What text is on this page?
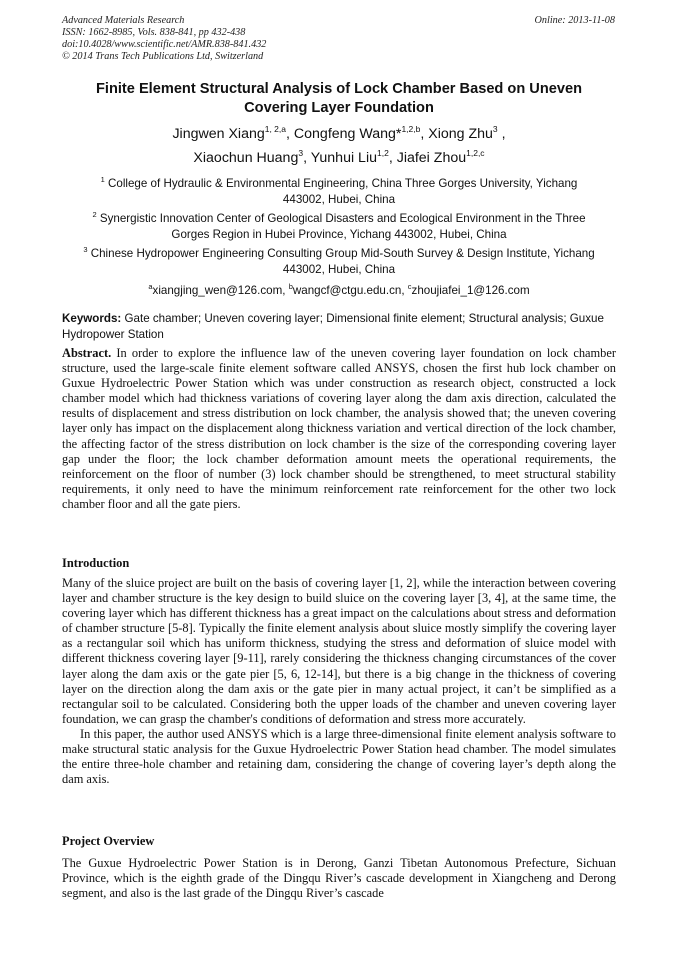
Advanced Materials Research
ISSN: 1662-8985, Vols. 838-841, pp 432-438
doi:10.4028/www.scientific.net/AMR.838-841.432
© 2014 Trans Tech Publications Ltd, Switzerland
Online: 2013-11-08
Finite Element Structural Analysis of Lock Chamber Based on Uneven
Covering Layer Foundation
Jingwen Xiang$^{1, 2,a}$, Congfeng Wang*$^{1,2,b}$, Xiong Zhu$^3$ ,
Xiaochun Huang$^3$, Yunhui Liu$^{1,2}$, Jiafei Zhou$^{1,2,c}$
$^1$ College of Hydraulic & Environmental Engineering, China Three Gorges University, Yichang
443002, Hubei, China
$^2$ Synergistic Innovation Center of Geological Disasters and Ecological Environment in the Three
Gorges Region in Hubei Province, Yichang 443002, Hubei, China
$^3$ Chinese Hydropower Engineering Consulting Group Mid-South Survey & Design Institute, Yichang
443002, Hubei, China
$^a$xiangjing_wen@126.com, $^b$wangcf@ctgu.edu.cn, $^c$zhoujiafei_1@126.com
Keywords: Gate chamber; Uneven covering layer; Dimensional finite element; Structural analysis; Guxue Hydropower Station
Abstract. In order to explore the influence law of the uneven covering layer foundation on lock chamber structure, used the large-scale finite element software called ANSYS, chosen the first hub lock chamber on Guxue Hydroelectric Power Station which was under construction as research object, constructed a lock chamber model which had thickness variations of covering layer along the dam axis direction, calculated the results of displacement and stress distribution on lock chamber, the analysis showed that; the uneven covering layer only has impact on the displacement along thickness variation and vertical direction of the lock chamber, the affecting factor of the stress distribution on lock chamber is the size of the corresponding covering layer gap under the floor; the lock chamber deformation amount meets the operational requirements, the reinforcement on the floor of number (3) lock chamber should be strengthened, to meet structural stability requirements, it only need to have the minimum reinforcement rate reinforcement for the other two lock chamber floor and all the gate piers.
Introduction
Many of the sluice project are built on the basis of covering layer [1, 2], while the interaction between covering layer and chamber structure is the key design to build sluice on the covering layer [3, 4], at the same time, the covering layer which has different thickness has a great impact on the calculations about stress and deformation of chamber structure [5-8]. Typically the finite element analysis about sluice mostly simplify the covering layer as a rectangular soil which has uniform thickness, studying the stress and deformation of sluice model with different thickness covering layer [9-11], rarely considering the thickness changing circumstances of the cover layer along the dam axis or the gate pier [5, 6, 12-14], but there is a big change in the thickness of covering layer on the direction along the dam axis or the gate pier in many actual project, it can’t be simplified as a rectangular soil to be calculated. Considering both the upper loads of the chamber and uneven covering layer foundation, we can grasp the chamber's conditions of deformation and stress more accurately.
In this paper, the author used ANSYS which is a large three-dimensional finite element analysis software to make structural static analysis for the Guxue Hydroelectric Power Station head chamber. The model simulates the entire three-hole chamber and retaining dam, considering the change of covering layer’s depth along the dam axis.
Project Overview
The Guxue Hydroelectric Power Station is in Derong, Ganzi Tibetan Autonomous Prefecture, Sichuan Province, which is the eighth grade of the Dingqu River’s cascade development in Xiangcheng and Derong segment, and also is the last grade of the Dingqu River’s cascade
